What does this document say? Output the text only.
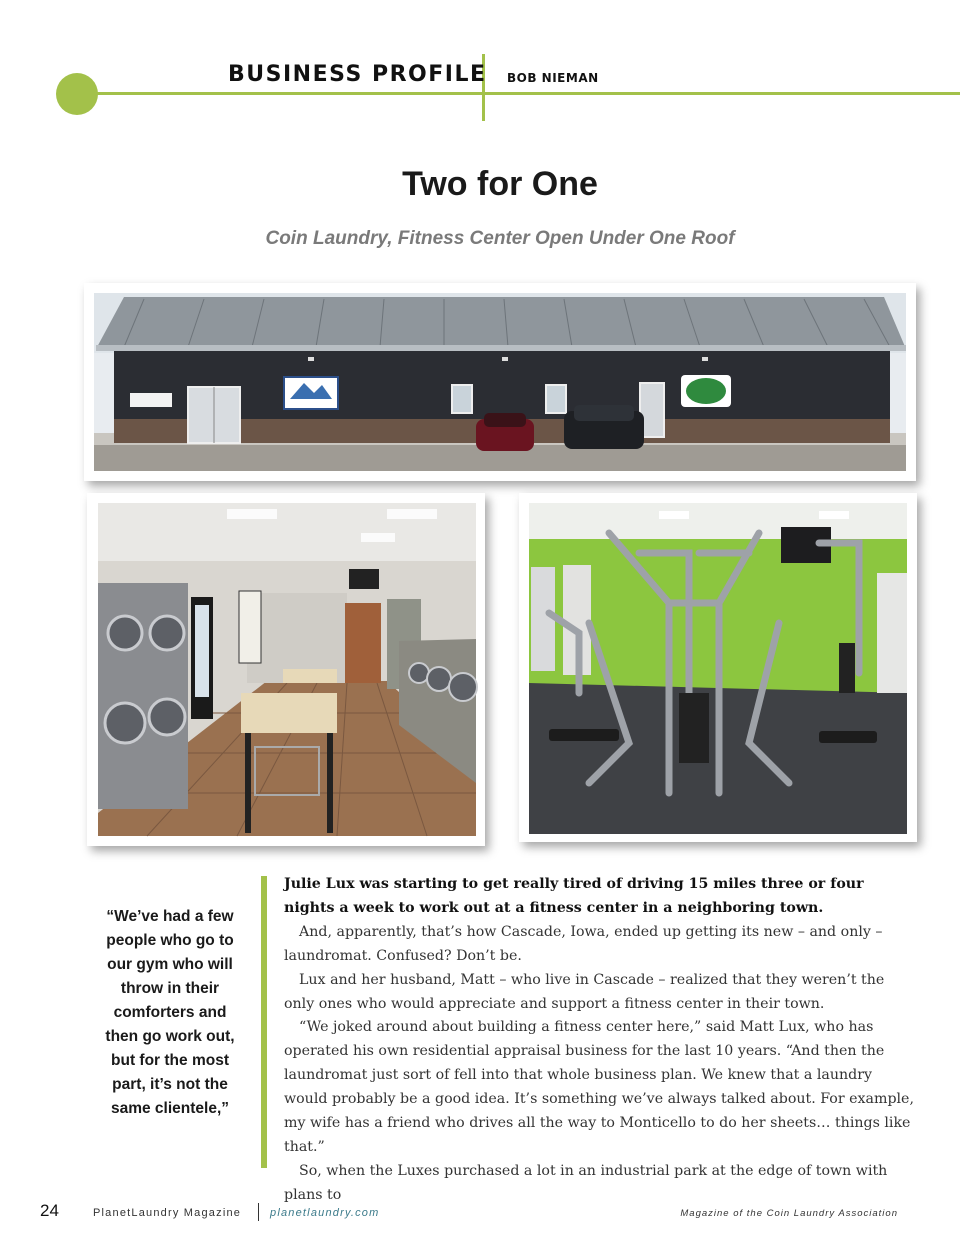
BUSINESS PROFILE BOB NIEMAN
Two for One
Coin Laundry, Fitness Center Open Under One Roof
“We’ve had a few people who go to our gym who will throw in their comforters and then go work out, but for the most part, it’s not the same clientele,”

Julie Lux was starting to get really tired of driving 15 miles three or four nights a week to work out at a fitness center in a neighboring town.

And, apparently, that’s how Cascade, Iowa, ended up getting its new – and only – laundromat. Confused? Don’t be.

Lux and her husband, Matt – who live in Cascade – realized that they weren’t the only ones who would appreciate and support a fitness center in their town.

“We joked around about building a fitness center here,” said Matt Lux, who has operated his own residential appraisal business for the last 10 years. “And then the laundromat just sort of fell into that whole business plan. We knew that a laundry would probably be a good idea. It’s something we’ve always talked about. For example, my wife has a friend who drives all the way to Monticello to do her sheets… things like that.”

So, when the Luxes purchased a lot in an industrial park at the edge of town with plans to

24	PlanetLaundry Magazine	planetlaundry.com	Magazine of the Coin Laundry Association
